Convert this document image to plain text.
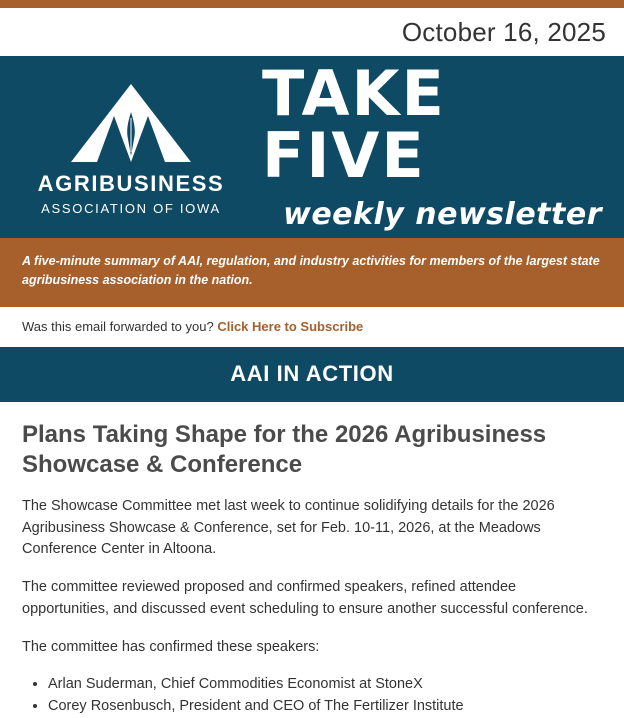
October 16, 2025
AGRIBUSINESS
ASSOCIATION OF IOWA
TAKE FIVE
weekly newsletter
A five-minute summary of AAI, regulation, and industry activities for members of the largest state agribusiness association in the nation.
Was this email forwarded to you? Click Here to Subscribe
AAI IN ACTION
Plans Taking Shape for the 2026 Agribusiness Showcase & Conference

The Showcase Committee met last week to continue solidifying details for the 2026 Agribusiness Showcase & Conference, set for Feb. 10-11, 2026, at the Meadows Conference Center in Altoona.

The committee reviewed proposed and confirmed speakers, refined attendee opportunities, and discussed event scheduling to ensure another successful conference.

The committee has confirmed these speakers:

• Arlan Suderman, Chief Commodities Economist at StoneX
• Corey Rosenbusch, President and CEO of The Fertilizer Institute
